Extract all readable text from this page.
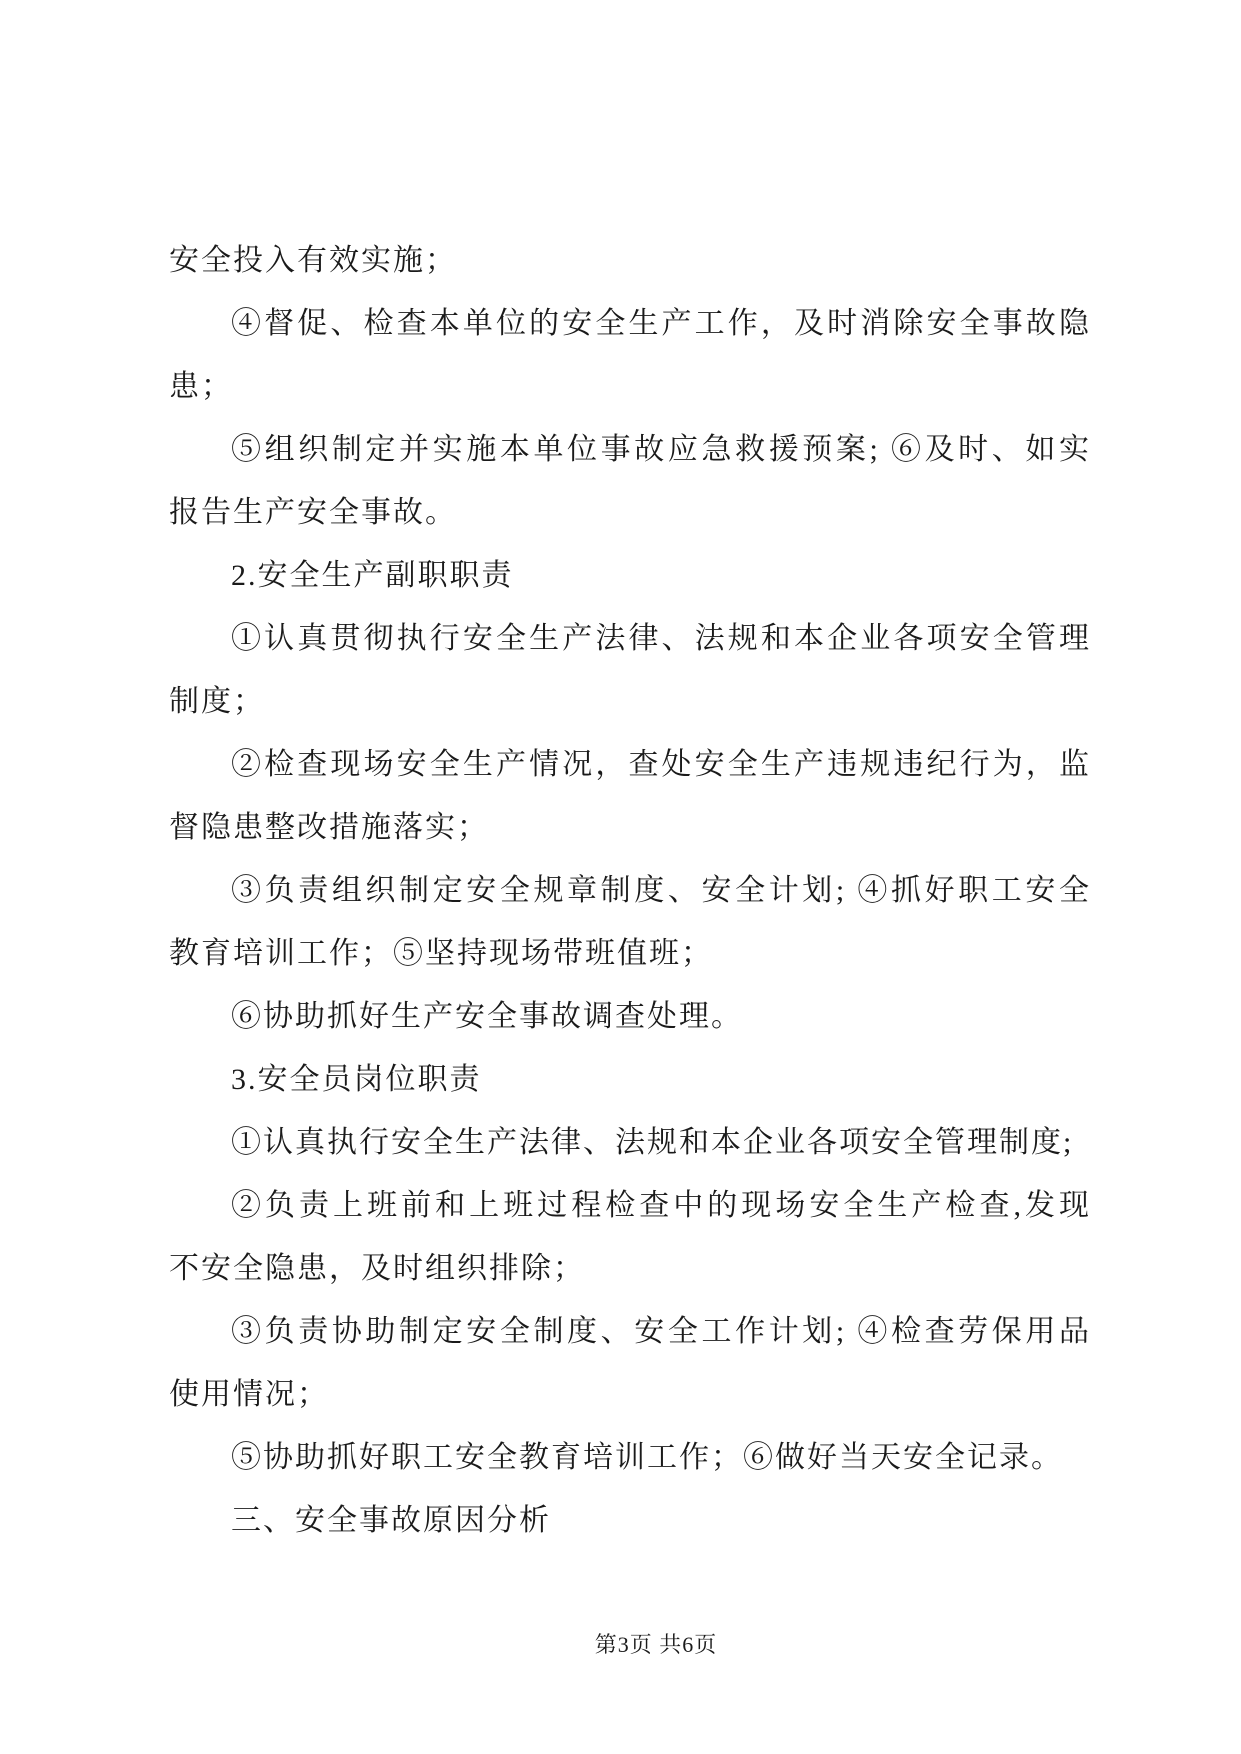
安全投入有效实施；
④督促、检查本单位的安全生产工作，及时消除安全事故隐
患；
⑤组织制定并实施本单位事故应急救援预案; ⑥及时、如实
报告生产安全事故。
2.安全生产副职职责
①认真贯彻执行安全生产法律、法规和本企业各项安全管理
制度；
②检查现场安全生产情况，查处安全生产违规违纪行为，监
督隐患整改措施落实；
③负责组织制定安全规章制度、安全计划; ④抓好职工安全
教育培训工作；⑤坚持现场带班值班；
⑥协助抓好生产安全事故调查处理。
3.安全员岗位职责
①认真执行安全生产法律、法规和本企业各项安全管理制度;
②负责上班前和上班过程检查中的现场安全生产检查,发现
不安全隐患，及时组织排除；
③负责协助制定安全制度、安全工作计划; ④检查劳保用品
使用情况；
⑤协助抓好职工安全教育培训工作；⑥做好当天安全记录。
三、安全事故原因分析
第3页 共6页
